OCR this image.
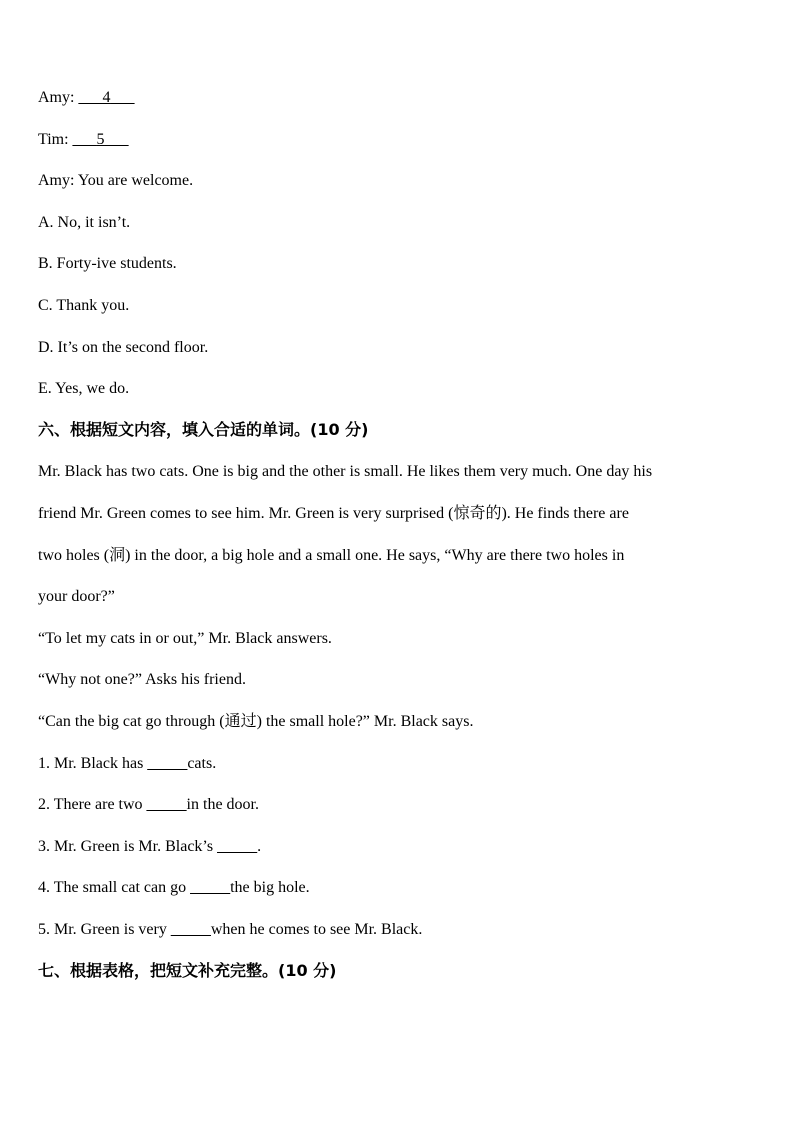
Amy: ___4___
Tim: ___5___
Amy: You are welcome.
A. No, it isn’t.
B. Forty-ive students.
C. Thank you.
D. It’s on the second floor.
E. Yes, we do.
六、根据短文内容，填入合适的单词。(10 分)
Mr. Black has two cats. One is big and the other is small. He likes them very much. One day his
friend Mr. Green comes to see him. Mr. Green is very surprised (惊奇的). He finds there are
two holes (洞) in the door, a big hole and a small one. He says, “Why are there two holes in
your door?”
“To let my cats in or out,” Mr. Black answers.
“Why not one?” Asks his friend.
“Can the big cat go through (通过) the small hole?” Mr. Black says.
1. Mr. Black has _____cats.
2. There are two _____in the door.
3. Mr. Green is Mr. Black’s _____.
4. The small cat can go _____the big hole.
5. Mr. Green is very _____when he comes to see Mr. Black.
七、根据表格，把短文补充完整。(10 分)
